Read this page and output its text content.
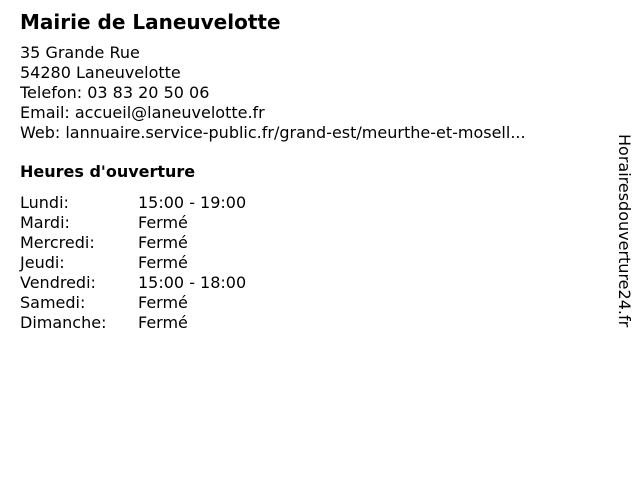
Mairie de Laneuvelotte
35 Grande Rue
54280 Laneuvelotte
Telefon: 03 83 20 50 06
Email: accueil@laneuvelotte.fr
Web: lannuaire.service-public.fr/grand-est/meurthe-et-mosell...
Heures d'ouverture
Lundi:	15:00 - 19:00
Mardi:	Fermé
Mercredi:	Fermé
Jeudi:	Fermé
Vendredi:	15:00 - 18:00
Samedi:	Fermé
Dimanche:	Fermé	Horairesdouverture24.fr
